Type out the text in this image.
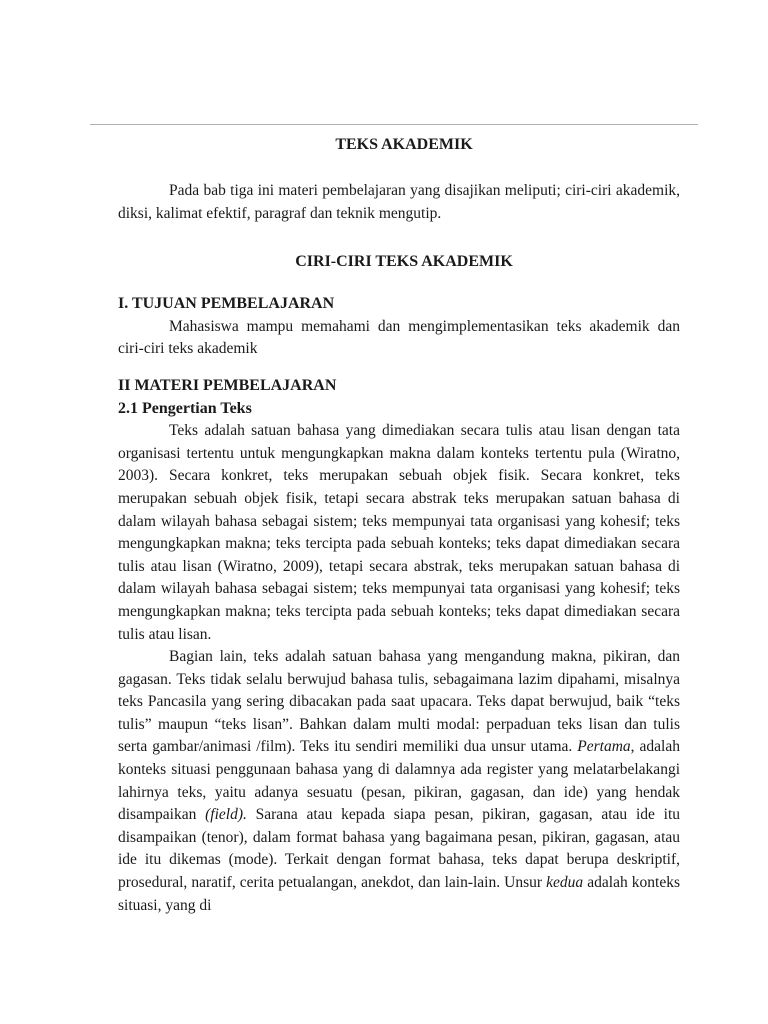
TEKS AKADEMIK

Pada bab tiga ini materi pembelajaran yang disajikan meliputi; ciri-ciri akademik, diksi, kalimat efektif, paragraf dan teknik mengutip.

CIRI-CIRI TEKS AKADEMIK
I. TUJUAN PEMBELAJARAN

Mahasiswa mampu memahami dan mengimplementasikan teks akademik dan ciri-ciri teks akademik

II MATERI PEMBELAJARAN
2.1 Pengertian Teks

Teks adalah satuan bahasa yang dimediakan secara tulis atau lisan dengan tata organisasi tertentu untuk mengungkapkan makna dalam konteks tertentu pula (Wiratno, 2003). Secara konkret, teks merupakan sebuah objek fisik. Secara konkret, teks merupakan sebuah objek fisik, tetapi secara abstrak teks merupakan satuan bahasa di dalam wilayah bahasa sebagai sistem; teks mempunyai tata organisasi yang kohesif; teks mengungkapkan makna; teks tercipta pada sebuah konteks; teks dapat dimediakan secara tulis atau lisan (Wiratno, 2009), tetapi secara abstrak, teks merupakan satuan bahasa di dalam wilayah bahasa sebagai sistem; teks mempunyai tata organisasi yang kohesif; teks mengungkapkan makna; teks tercipta pada sebuah konteks; teks dapat dimediakan secara tulis atau lisan.

Bagian lain, teks adalah satuan bahasa yang mengandung makna, pikiran, dan gagasan. Teks tidak selalu berwujud bahasa tulis, sebagaimana lazim dipahami, misalnya teks Pancasila yang sering dibacakan pada saat upacara. Teks dapat berwujud, baik “teks tulis” maupun “teks lisan”. Bahkan dalam multi modal: perpaduan teks lisan dan tulis serta gambar/animasi /film). Teks itu sendiri memiliki dua unsur utama. Pertama, adalah konteks situasi penggunaan bahasa yang di dalamnya ada register yang melatarbelakangi lahirnya teks, yaitu adanya sesuatu (pesan, pikiran, gagasan, dan ide) yang hendak disampaikan (field). Sarana atau kepada siapa pesan, pikiran, gagasan, atau ide itu disampaikan (tenor), dalam format bahasa yang bagaimana pesan, pikiran, gagasan, atau ide itu dikemas (mode). Terkait dengan format bahasa, teks dapat berupa deskriptif, prosedural, naratif, cerita petualangan, anekdot, dan lain-lain. Unsur kedua adalah konteks situasi, yang di
